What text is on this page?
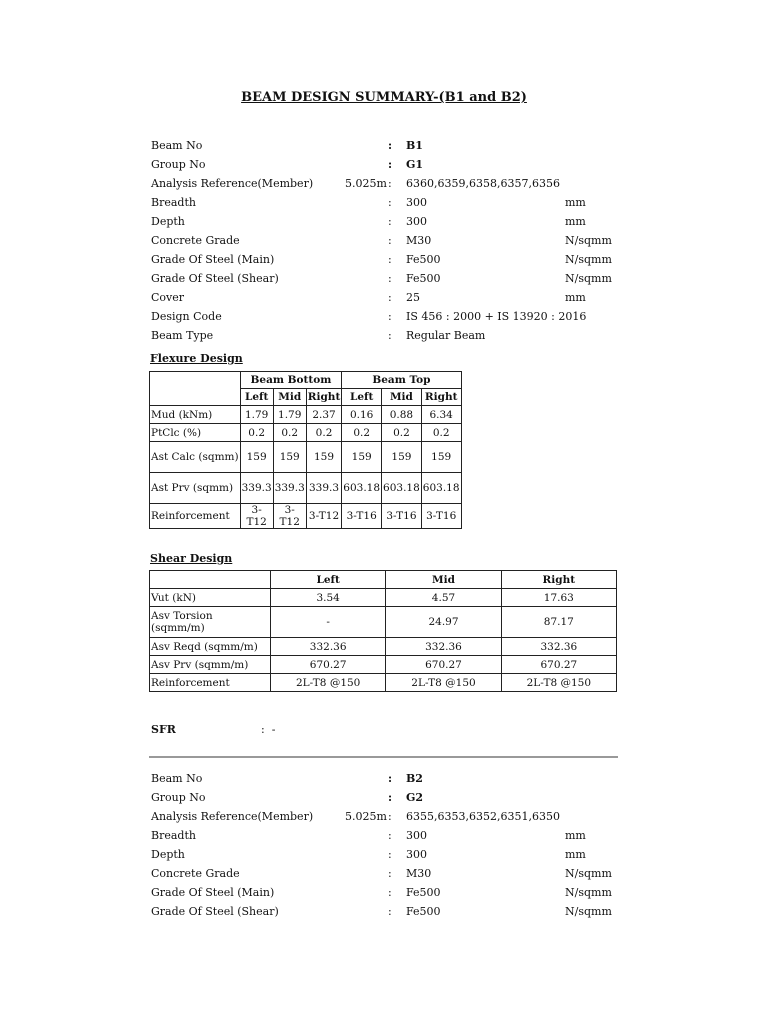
BEAM DESIGN SUMMARY-(B1 and B2)
Beam No	: B1
Group No	: G1
Analysis Reference(Member)	5.025m : 6360,6359,6358,6357,6356
Breadth	: 300	mm
Depth	: 300	mm
Concrete Grade	: M30	N/sqmm
Grade Of Steel (Main)	: Fe500	N/sqmm
Grade Of Steel (Shear)	: Fe500	N/sqmm
Cover	: 25	mm
Design Code	: IS 456 : 2000 + IS 13920 : 2016
Beam Type	: Regular Beam
Flexure Design
	Beam Bottom			Beam Top		
	Left	Mid	Right	Left	Mid	Right
Mud (kNm)	1.79	1.79	2.37	0.16	0.88	6.34
PtClc (%)	0.2	0.2	0.2	0.2	0.2	0.2
Ast Calc (sqmm)	159	159	159	159	159	159
Ast Prv (sqmm)	339.3	339.3	339.3	603.18	603.18	603.18
Reinforcement	3-T12	3-T12	3-T12	3-T16	3-T16	3-T16
Shear Design
	Left	Mid	Right
Vut (kN)	3.54	4.57	17.63
Asv Torsion (sqmm/m)	-	24.97	87.17
Asv Reqd (sqmm/m)	332.36	332.36	332.36
Asv Prv (sqmm/m)	670.27	670.27	670.27
Reinforcement	2L-T8 @150	2L-T8 @150	2L-T8 @150
SFR	: -
Beam No	: B2
Group No	: G2
Analysis Reference(Member)	5.025m : 6355,6353,6352,6351,6350
Breadth	: 300	mm
Depth	: 300	mm
Concrete Grade	: M30	N/sqmm
Grade Of Steel (Main)	: Fe500	N/sqmm
Grade Of Steel (Shear)	: Fe500	N/sqmm
